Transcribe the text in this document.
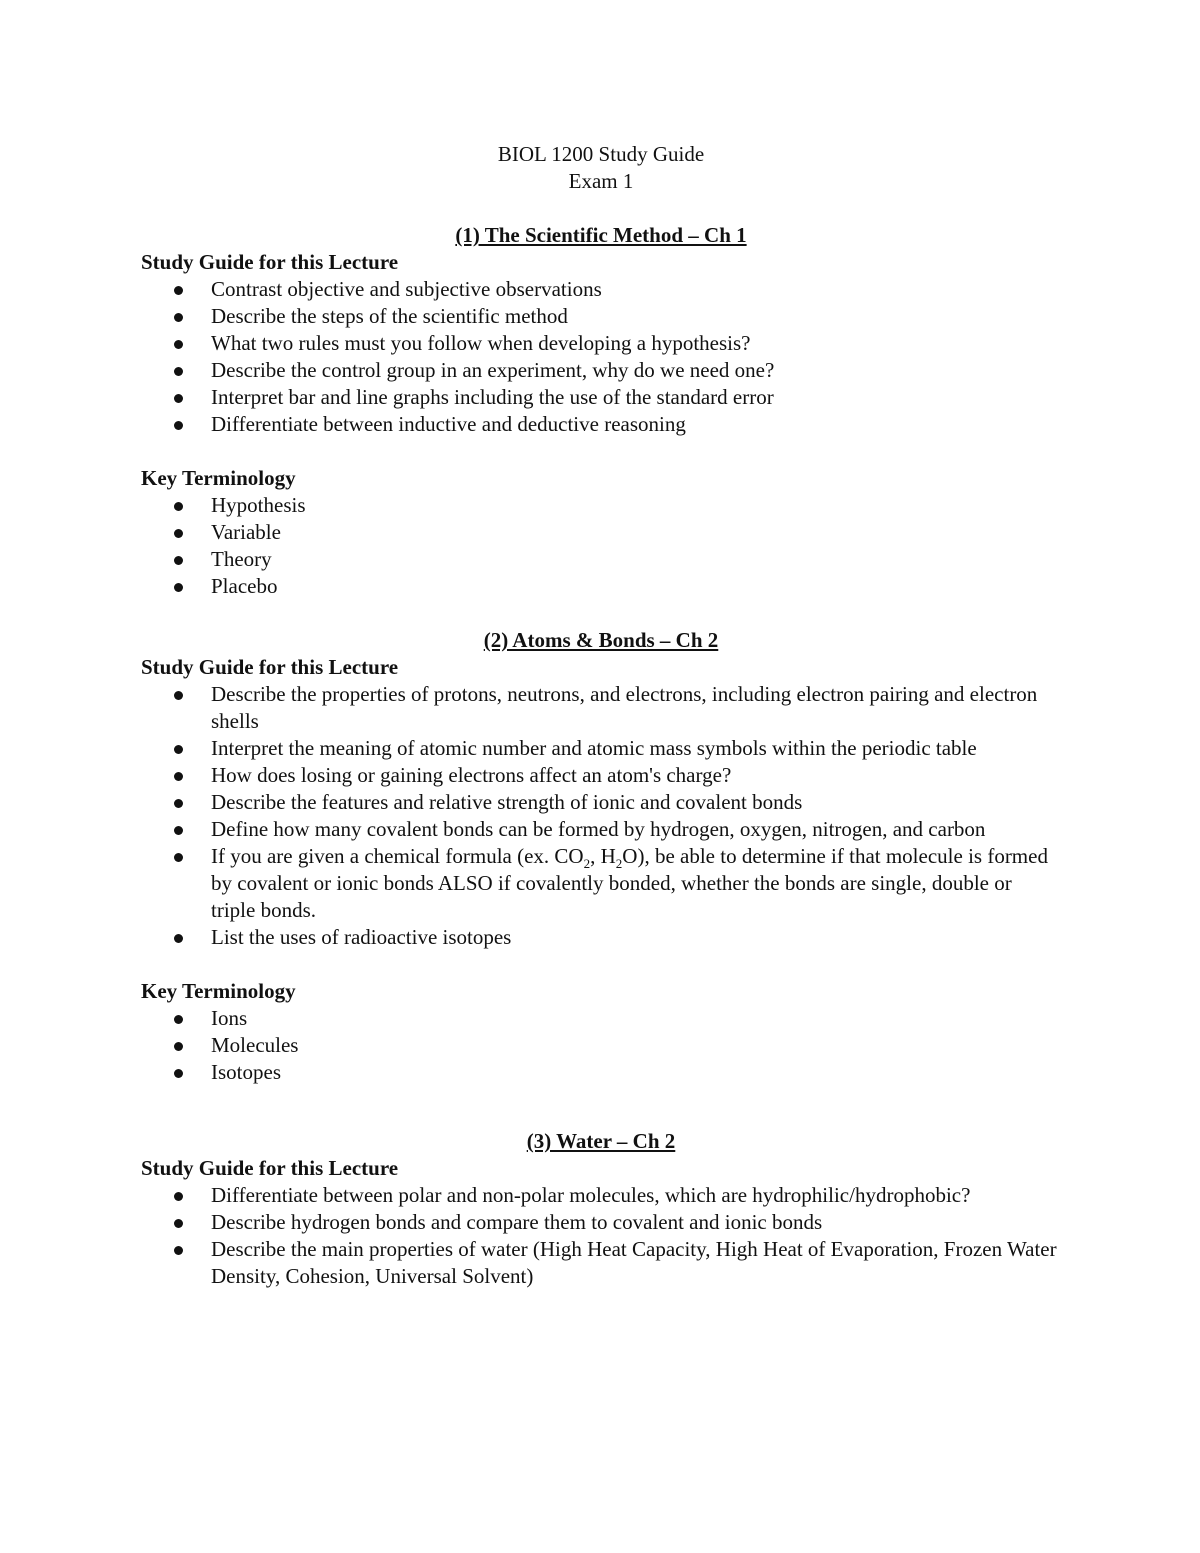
BIOL 1200 Study Guide

Exam 1

(1) The Scientific Method – Ch 1

Study Guide for this Lecture

Contrast objective and subjective observations
Describe the steps of the scientific method
What two rules must you follow when developing a hypothesis?
Describe the control group in an experiment, why do we need one?
Interpret bar and line graphs including the use of the standard error
Differentiate between inductive and deductive reasoning

Key Terminology

Hypothesis
Variable
Theory
Placebo

(2) Atoms & Bonds – Ch 2

Study Guide for this Lecture

Describe the properties of protons, neutrons, and electrons, including electron pairing and electron shells
Interpret the meaning of atomic number and atomic mass symbols within the periodic table
How does losing or gaining electrons affect an atom's charge?
Describe the features and relative strength of ionic and covalent bonds
Define how many covalent bonds can be formed by hydrogen, oxygen, nitrogen, and carbon
If you are given a chemical formula (ex. $CO_2$, $H_2O$), be able to determine if that molecule is formed by covalent or ionic bonds ALSO if covalently bonded, whether the bonds are single, double or triple bonds.
List the uses of radioactive isotopes

Key Terminology

Ions
Molecules
Isotopes

(3) Water – Ch 2

Study Guide for this Lecture

Differentiate between polar and non-polar molecules, which are hydrophilic/hydrophobic?
Describe hydrogen bonds and compare them to covalent and ionic bonds
Describe the main properties of water (High Heat Capacity, High Heat of Evaporation, Frozen Water Density, Cohesion, Universal Solvent)
